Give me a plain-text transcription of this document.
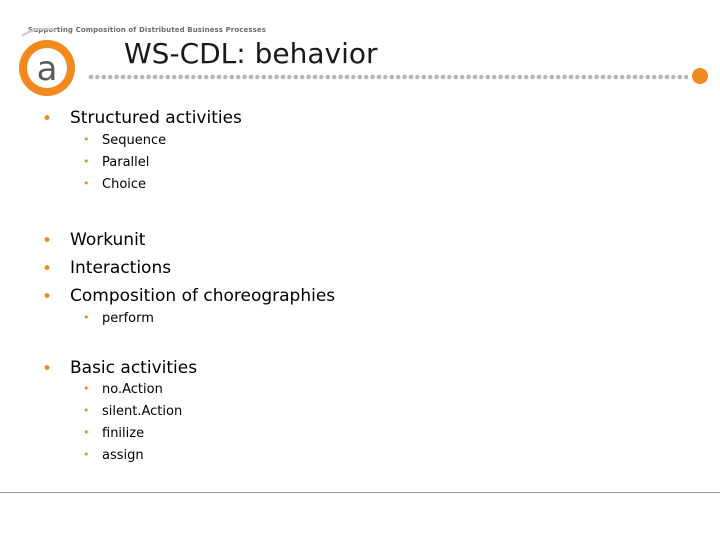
Supporting Composition of Distributed Business Processes
a WS-CDL: behavior
• Structured activities
• Sequence
• Parallel
• Choice
• Workunit
• Interactions
• Composition of choreographies
• perform
• Basic activities
• no.Action
• silent.Action
• finilize
• assign
